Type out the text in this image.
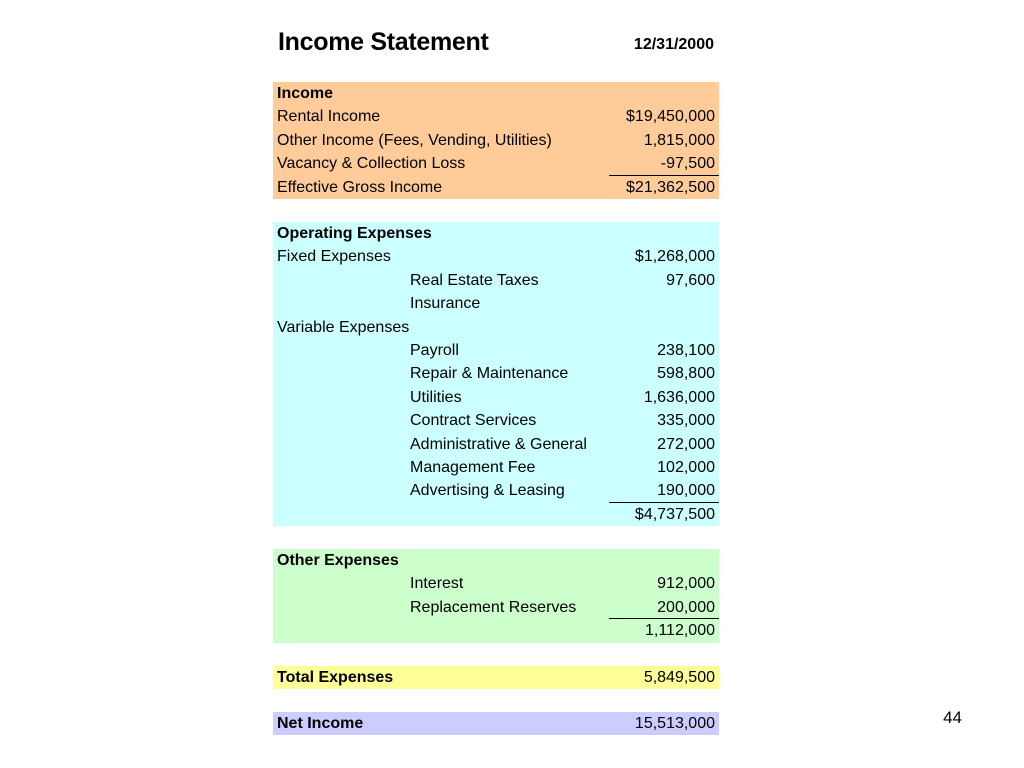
Income Statement	12/31/2000
Income
Rental Income	$19,450,000
Other Income (Fees, Vending, Utilities)	1,815,000
Vacancy & Collection Loss	-97,500
Effective Gross Income	$21,362,500
Operating Expenses
Fixed Expenses	$1,268,000
Real Estate Taxes	97,600
Insurance
Variable Expenses
Payroll	238,100
Repair & Maintenance	598,800
Utilities	1,636,000
Contract Services	335,000
Administrative & General	272,000
Management Fee	102,000
Advertising & Leasing	190,000
$4,737,500
Other Expenses
Interest	912,000
Replacement Reserves	200,000
1,112,000
Total Expenses	5,849,500
Net Income	15,513,000	44
